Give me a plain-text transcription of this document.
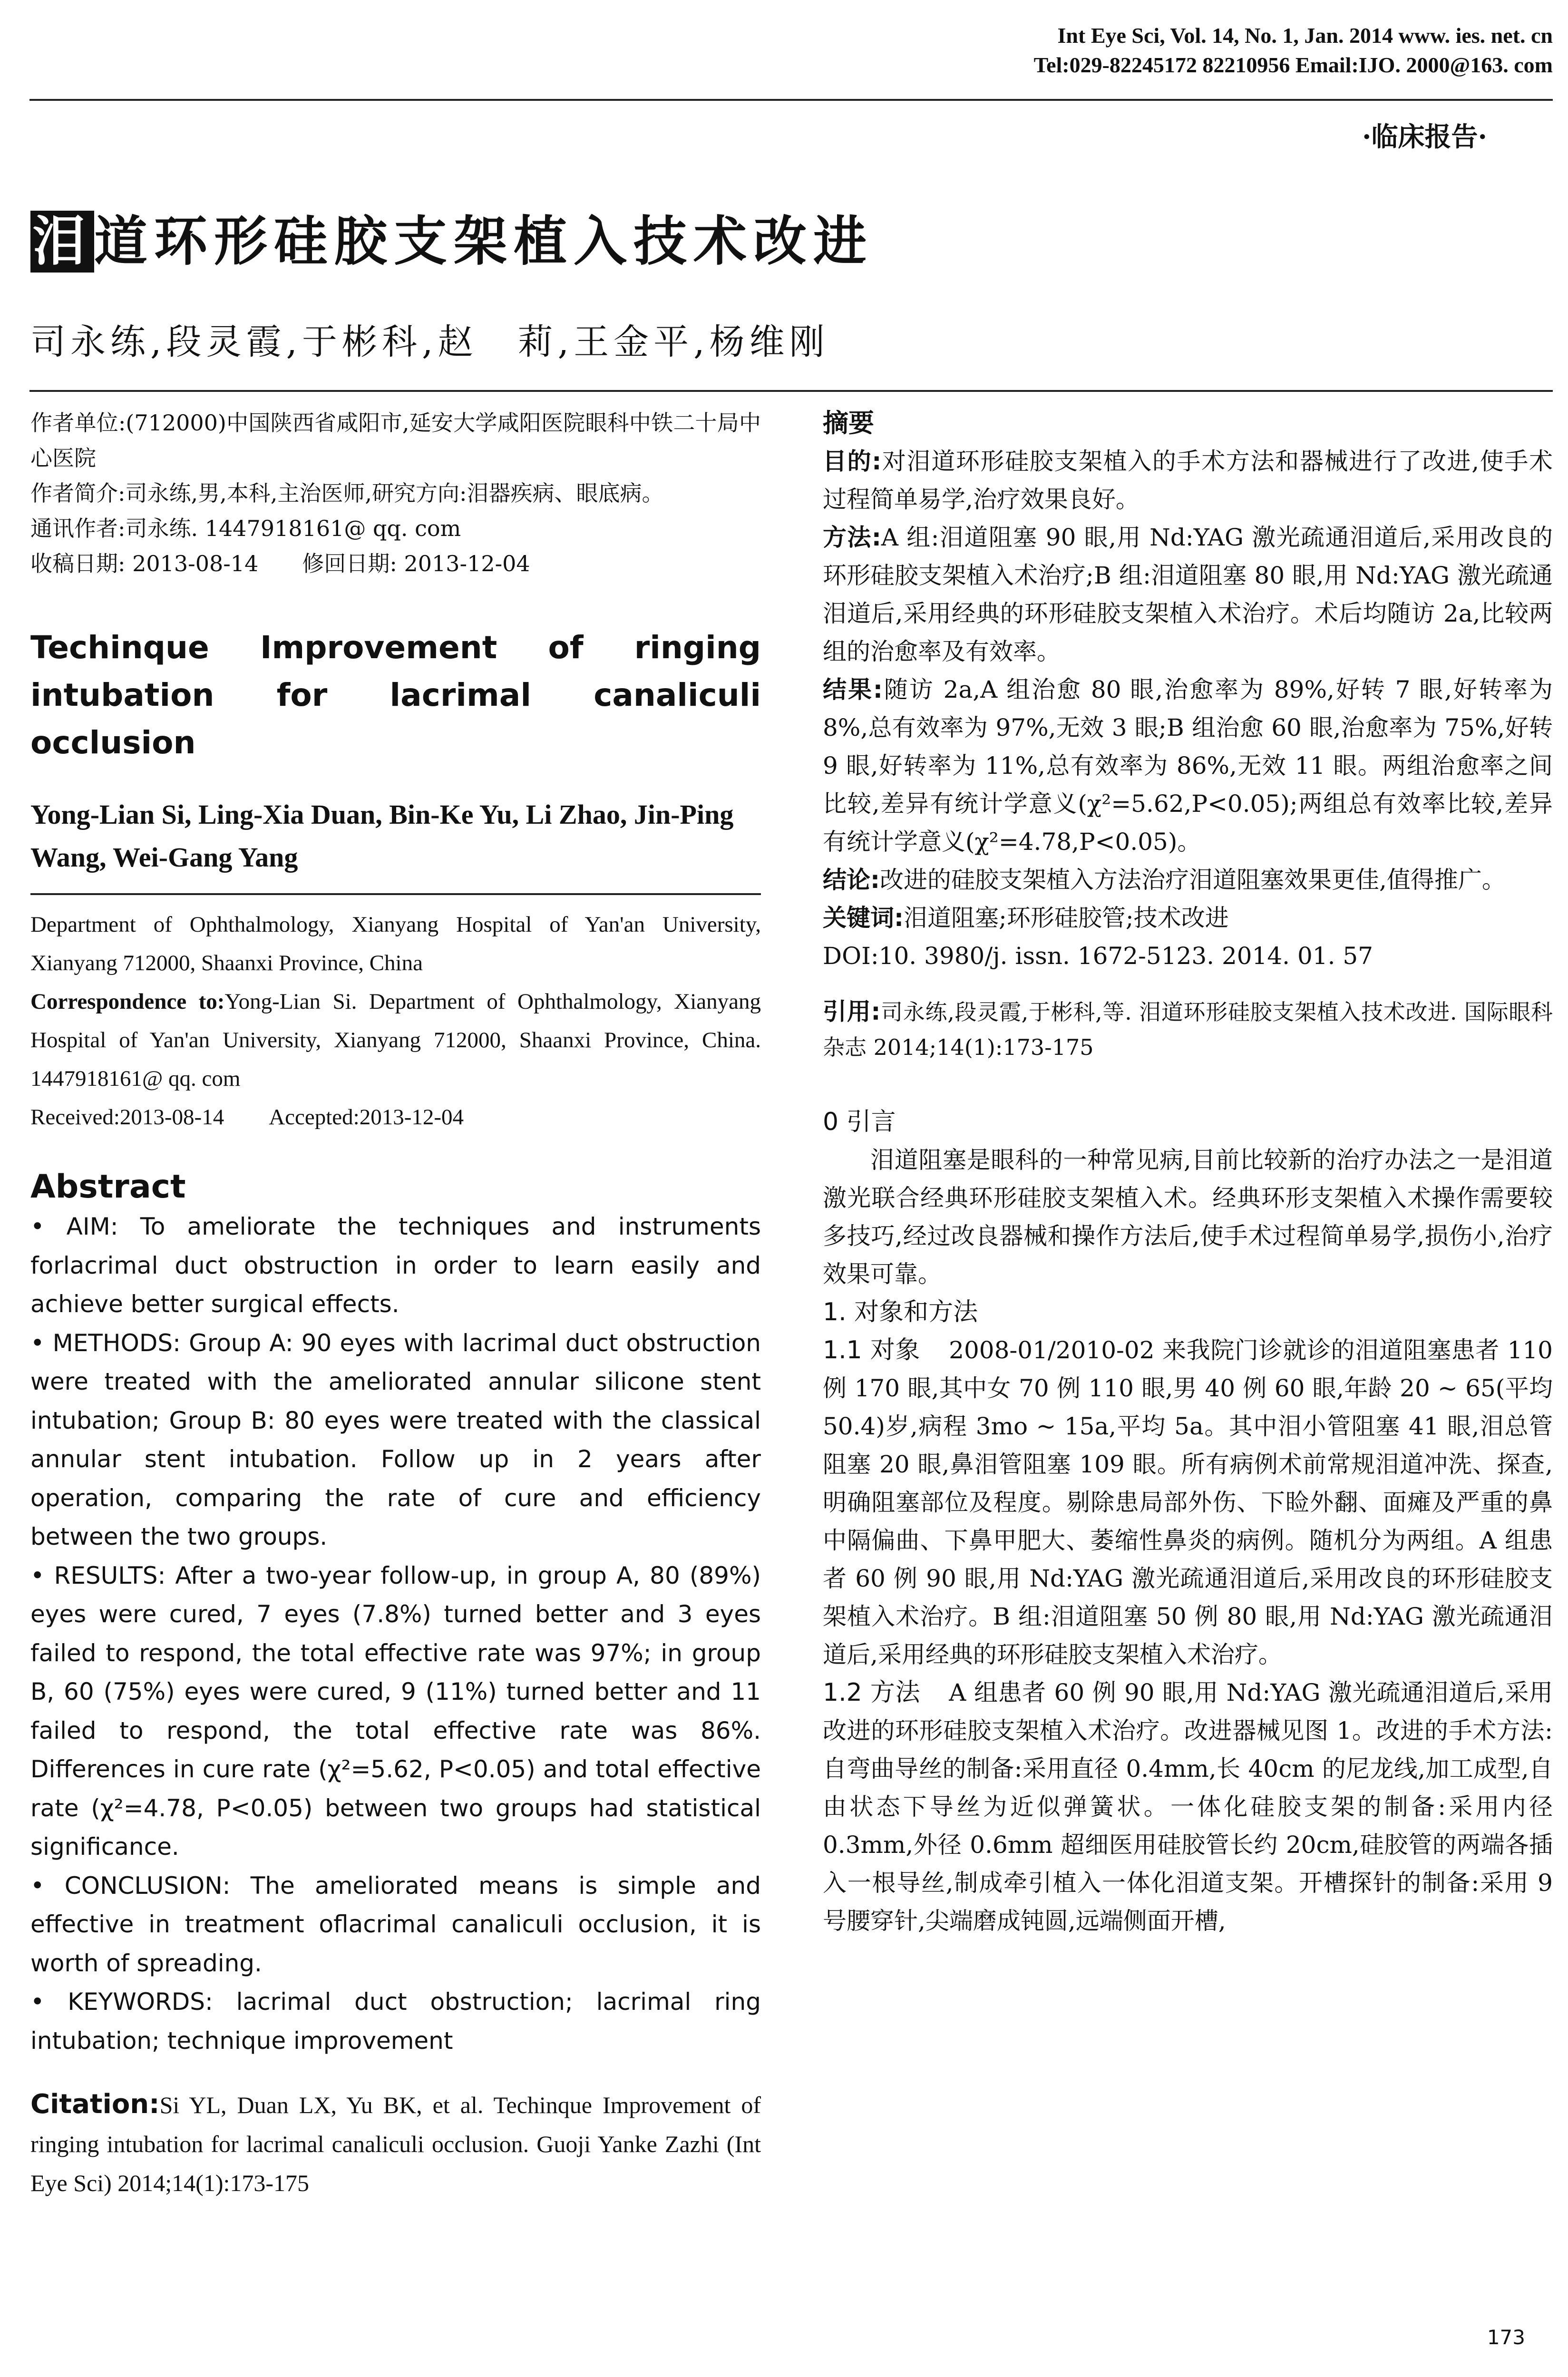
Int Eye Sci, Vol. 14, No. 1, Jan. 2014 www. ies. net. cn
Tel:029-82245172 82210956 Email:IJO. 2000@163. com
·临床报告·
泪道环形硅胶支架植入技术改进
司永练,段灵霞,于彬科,赵　莉,王金平,杨维刚

作者单位:(712000)中国陕西省咸阳市,延安大学咸阳医院眼科中铁二十局中心医院

作者简介:司永练,男,本科,主治医师,研究方向:泪器疾病、眼底病。

通讯作者:司永练. 1447918161@ qq. com

收稿日期: 2013-08-14　　修回日期: 2013-12-04

Techinque Improvement of ringing intubation for lacrimal canaliculi occlusion
Yong-Lian Si, Ling-Xia Duan, Bin-Ke Yu, Li Zhao, Jin-Ping Wang, Wei-Gang Yang

Department of Ophthalmology, Xianyang Hospital of Yan'an University, Xianyang 712000, Shaanxi Province, China

Correspondence to:Yong-Lian Si. Department of Ophthalmology, Xianyang Hospital of Yan'an University, Xianyang 712000, Shaanxi Province, China. 1447918161@ qq. com

Received:2013-08-14　　Accepted:2013-12-04

Abstract

• AIM: To ameliorate the techniques and instruments forlacrimal duct obstruction in order to learn easily and achieve better surgical effects.

• METHODS: Group A: 90 eyes with lacrimal duct obstruction were treated with the ameliorated annular silicone stent intubation; Group B: 80 eyes were treated with the classical annular stent intubation. Follow up in 2 years after operation, comparing the rate of cure and efficiency between the two groups.

• RESULTS: After a two-year follow-up, in group A, 80 (89%) eyes were cured, 7 eyes (7.8%) turned better and 3 eyes failed to respond, the total effective rate was 97%; in group B, 60 (75%) eyes were cured, 9 (11%) turned better and 11 failed to respond, the total effective rate was 86%. Differences in cure rate (χ²=5.62, P<0.05) and total effective rate (χ²=4.78, P<0.05) between two groups had statistical significance.

• CONCLUSION: The ameliorated means is simple and effective in treatment oflacrimal canaliculi occlusion, it is worth of spreading.

• KEYWORDS: lacrimal duct obstruction; lacrimal ring intubation; technique improvement

Citation:Si YL, Duan LX, Yu BK, et al. Techinque Improvement of ringing intubation for lacrimal canaliculi occlusion. Guoji Yanke Zazhi (Int Eye Sci) 2014;14(1):173-175

摘要

目的:对泪道环形硅胶支架植入的手术方法和器械进行了改进,使手术过程简单易学,治疗效果良好。

方法:A 组:泪道阻塞 90 眼,用 Nd:YAG 激光疏通泪道后,采用改良的环形硅胶支架植入术治疗;B 组:泪道阻塞 80 眼,用 Nd:YAG 激光疏通泪道后,采用经典的环形硅胶支架植入术治疗。术后均随访 2a,比较两组的治愈率及有效率。

结果:随访 2a,A 组治愈 80 眼,治愈率为 89%,好转 7 眼,好转率为 8%,总有效率为 97%,无效 3 眼;B 组治愈 60 眼,治愈率为 75%,好转 9 眼,好转率为 11%,总有效率为 86%,无效 11 眼。两组治愈率之间比较,差异有统计学意义(χ²=5.62,P<0.05);两组总有效率比较,差异有统计学意义(χ²=4.78,P<0.05)。

结论:改进的硅胶支架植入方法治疗泪道阻塞效果更佳,值得推广。

关键词:泪道阻塞;环形硅胶管;技术改进

DOI:10. 3980/j. issn. 1672-5123. 2014. 01. 57

引用:司永练,段灵霞,于彬科,等. 泪道环形硅胶支架植入技术改进. 国际眼科杂志 2014;14(1):173-175

0 引言

泪道阻塞是眼科的一种常见病,目前比较新的治疗办法之一是泪道激光联合经典环形硅胶支架植入术。经典环形支架植入术操作需要较多技巧,经过改良器械和操作方法后,使手术过程简单易学,损伤小,治疗效果可靠。

1. 对象和方法

1.1 对象 2008-01/2010-02 来我院门诊就诊的泪道阻塞患者 110 例 170 眼,其中女 70 例 110 眼,男 40 例 60 眼,年龄 20 ~ 65(平均 50.4)岁,病程 3mo ~ 15a,平均 5a。其中泪小管阻塞 41 眼,泪总管阻塞 20 眼,鼻泪管阻塞 109 眼。所有病例术前常规泪道冲洗、探查,明确阻塞部位及程度。剔除患局部外伤、下睑外翻、面瘫及严重的鼻中隔偏曲、下鼻甲肥大、萎缩性鼻炎的病例。随机分为两组。A 组患者 60 例 90 眼,用 Nd:YAG 激光疏通泪道后,采用改良的环形硅胶支架植入术治疗。B 组:泪道阻塞 50 例 80 眼,用 Nd:YAG 激光疏通泪道后,采用经典的环形硅胶支架植入术治疗。

1.2 方法 A 组患者 60 例 90 眼,用 Nd:YAG 激光疏通泪道后,采用改进的环形硅胶支架植入术治疗。改进器械见图 1。改进的手术方法:自弯曲导丝的制备:采用直径 0.4mm,长 40cm 的尼龙线,加工成型,自由状态下导丝为近似弹簧状。一体化硅胶支架的制备:采用内径 0.3mm,外径 0.6mm 超细医用硅胶管长约 20cm,硅胶管的两端各插入一根导丝,制成牵引植入一体化泪道支架。开槽探针的制备:采用 9 号腰穿针,尖端磨成钝圆,远端侧面开槽,

173
